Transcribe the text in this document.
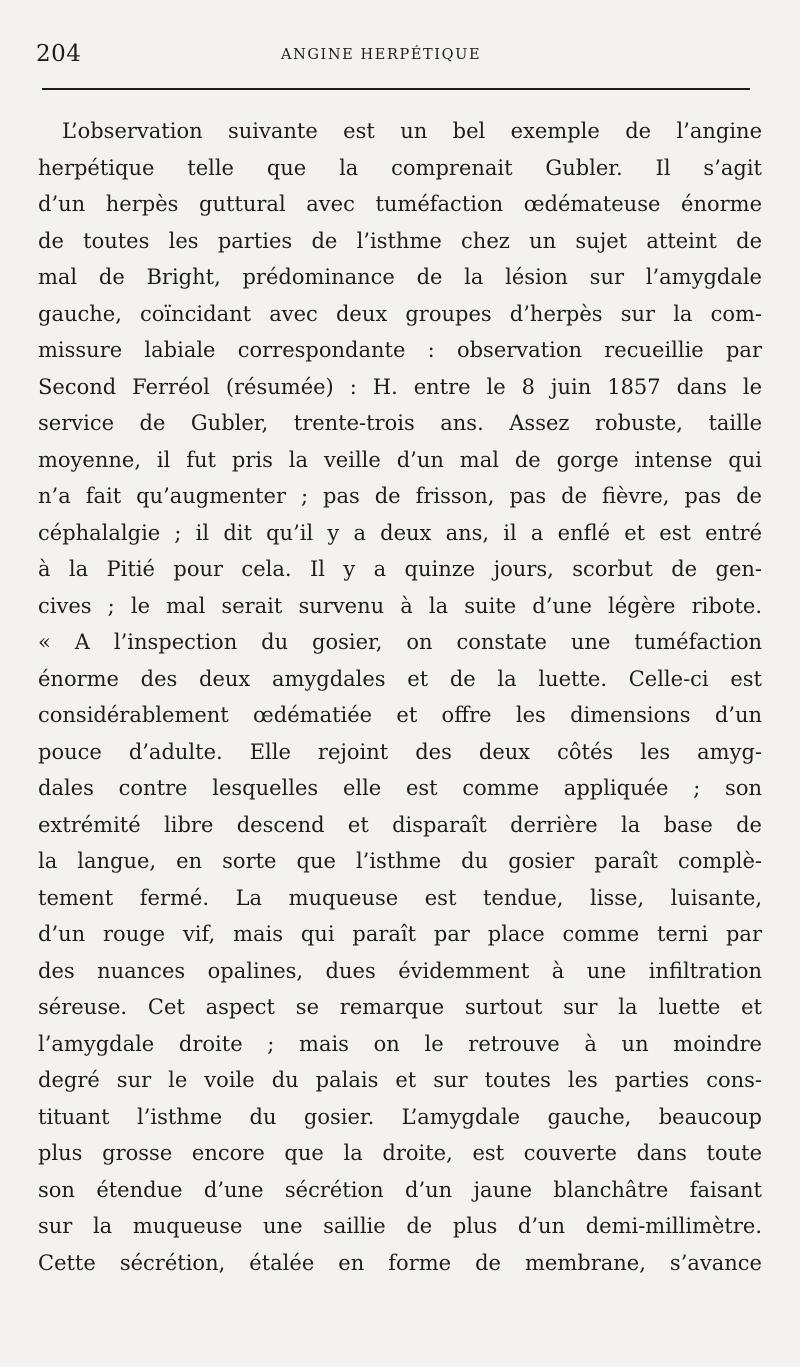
204	ANGINE HERPÉTIQUE
L’observation suivante est un bel exemple de l’angine
herpétique telle que la comprenait Gubler. Il s’agit
d’un herpès guttural avec tuméfaction œdémateuse énorme
de toutes les parties de l’isthme chez un sujet atteint de
mal de Bright, prédominance de la lésion sur l’amygdale
gauche, coïncidant avec deux groupes d’herpès sur la com-
missure labiale correspondante : observation recueillie par
Second Ferréol (résumée) : H. entre le 8 juin 1857 dans le
service de Gubler, trente-trois ans. Assez robuste, taille
moyenne, il fut pris la veille d’un mal de gorge intense qui
n’a fait qu’augmenter ; pas de frisson, pas de fièvre, pas de
céphalalgie ; il dit qu’il y a deux ans, il a enflé et est entré
à la Pitié pour cela. Il y a quinze jours, scorbut de gen-
cives ; le mal serait survenu à la suite d’une légère ribote.
« A l’inspection du gosier, on constate une tuméfaction
énorme des deux amygdales et de la luette. Celle-ci est
considérablement œdématiée et offre les dimensions d’un
pouce d’adulte. Elle rejoint des deux côtés les amyg-
dales contre lesquelles elle est comme appliquée ; son
extrémité libre descend et disparaît derrière la base de
la langue, en sorte que l’isthme du gosier paraît complè-
tement fermé. La muqueuse est tendue, lisse, luisante,
d’un rouge vif, mais qui paraît par place comme terni par
des nuances opalines, dues évidemment à une infiltration
séreuse. Cet aspect se remarque surtout sur la luette et
l’amygdale droite ; mais on le retrouve à un moindre
degré sur le voile du palais et sur toutes les parties cons-
tituant l’isthme du gosier. L’amygdale gauche, beaucoup
plus grosse encore que la droite, est couverte dans toute
son étendue d’une sécrétion d’un jaune blanchâtre faisant
sur la muqueuse une saillie de plus d’un demi-millimètre.
Cette sécrétion, étalée en forme de membrane, s’avance
